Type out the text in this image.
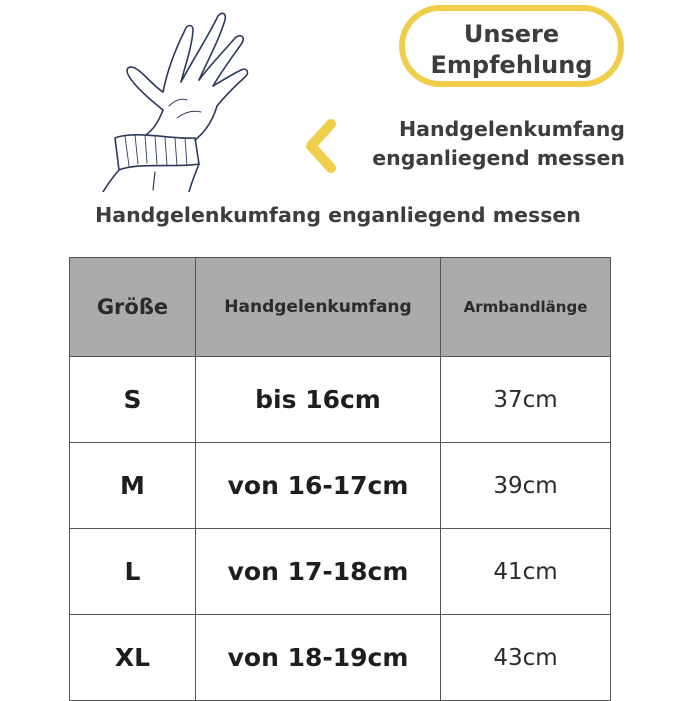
Unsere
Empfehlung
Handgelenkumfang
enganliegend messen
Handgelenkumfang enganliegend messen
Größe	Handgelenkumfang	Armbandlänge
S	bis 16cm	37cm
M	von 16-17cm	39cm
L	von 17-18cm	41cm
XL	von 18-19cm	43cm
